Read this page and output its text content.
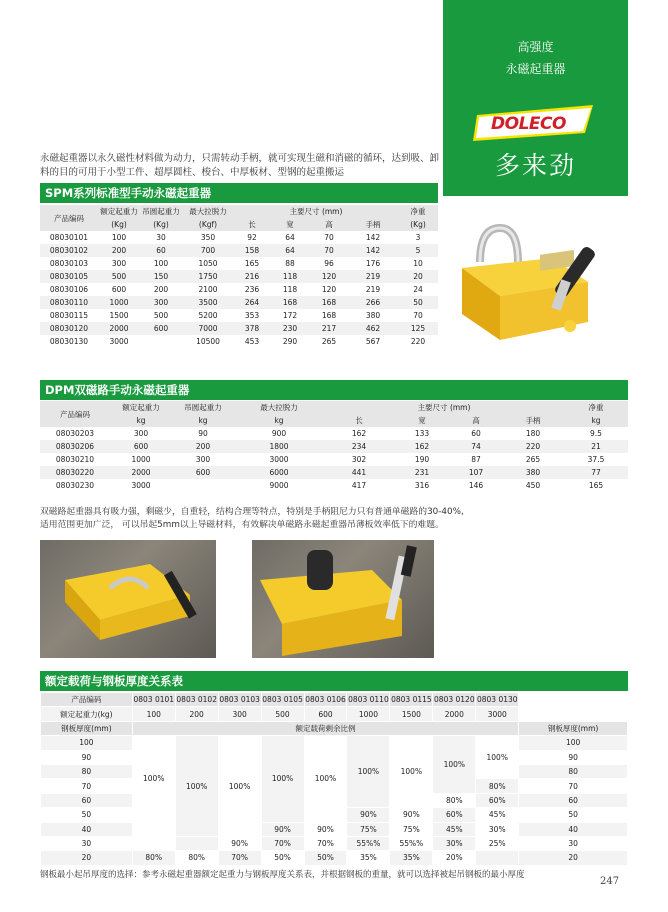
高强度
永磁起重器
DOLECO
多来劲
永磁起重器以永久磁性材料做为动力，只需转动手柄，就可实现生磁和消磁的循环，达到吸、卸料的目的可用于小型工件、超厚圆柱、梭台、中厚板材、型钢的起重搬运
SPM系列标准型手动永磁起重器
产品编码	额定起重力	吊圆起重力	最大拉脱力	主要尺寸 (mm)				净重
	(Kg)	(Kg)	(Kgf)	长	宽	高	手柄	(Kg)
08030101	100	30	350	92	64	70	142	3
08030102	200	60	700	158	64	70	142	5
08030103	300	100	1050	165	88	96	176	10
08030105	500	150	1750	216	118	120	219	20
08030106	600	200	2100	236	118	120	219	24
08030110	1000	300	3500	264	168	168	266	50
08030115	1500	500	5200	353	172	168	380	70
08030120	2000	600	7000	378	230	217	462	125
08030130	3000		10500	453	290	265	567	220
DPM双磁路手动永磁起重器
产品编码	额定起重力	吊圆起重力	最大拉脱力	主要尺寸 (mm)				净重
	kg	kg	kg	长	宽	高	手柄	kg
08030203	300	90	900	162	133	60	180	9.5
08030206	600	200	1800	234	162	74	220	21
08030210	1000	300	3000	302	190	87	265	37.5
08030220	2000	600	6000	441	231	107	380	77
08030230	3000		9000	417	316	146	450	165
双磁路起重器具有吸力强，剩磁少，自重轻，结构合理等特点，特别是手柄阻尼力只有普通单磁路的30-40%,
适用范围更加广泛， 可以吊起5mm以上导磁材料，有效解决单磁路永磁起重器吊薄板效率低下的难题。
额定载荷与钢板厚度关系表
产品编码	0803 0101	0803 0102	0803 0103	0803 0105	0803 0106	0803 0110	0803 0115	0803 0120	0803 0130	
额定起重力(kg)	100	200	300	500	600	1000	1500	2000	3000	
钢板厚度(mm)	额定载荷剩余比例									钢板厚度(mm)
100	100%	100%	100%	100%	100%	100%	100%	100%	100%	100
90										90
80										80
70									80%	70
60								80%	60%	60
50						90%	90%	60%	45%	50
40				90%	90%	75%	75%	45%	30%	40
30			90%	70%	70%	55%%	55%%	30%	25%	30
20	80%	80%	70%	50%	50%	35%	35%	20%		20
钢板最小起吊厚度的选择：参考永磁起重器额定起重力与钢板厚度关系表，并根据钢板的重量，就可以选择被起吊钢板的最小厚度
247
